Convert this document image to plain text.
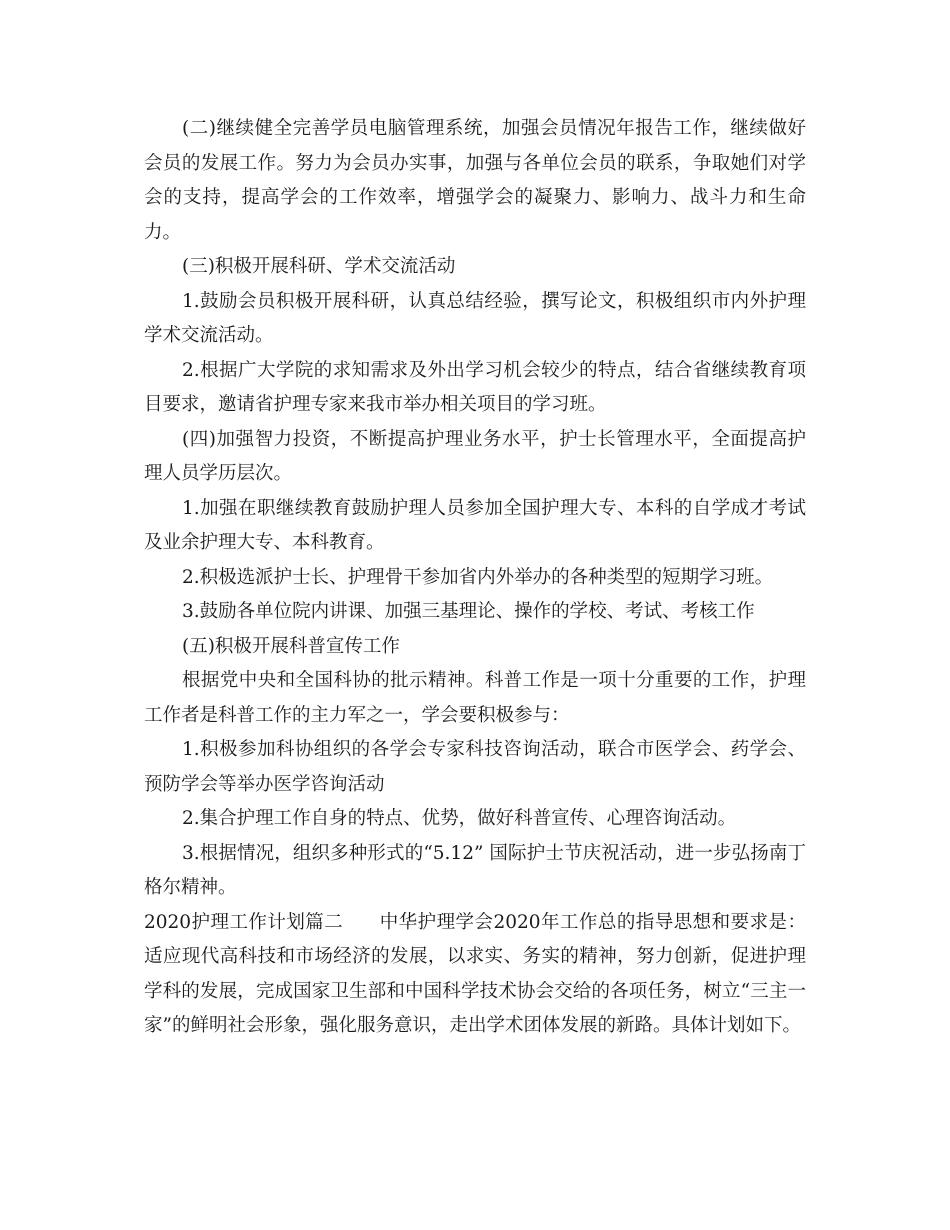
(二)继续健全完善学员电脑管理系统，加强会员情况年报告工作，继续做好会员的发展工作。努力为会员办实事，加强与各单位会员的联系，争取她们对学会的支持，提高学会的工作效率，增强学会的凝聚力、影响力、战斗力和生命力。

(三)积极开展科研、学术交流活动

1.鼓励会员积极开展科研，认真总结经验，撰写论文，积极组织市内外护理学术交流活动。

2.根据广大学院的求知需求及外出学习机会较少的特点，结合省继续教育项目要求，邀请省护理专家来我市举办相关项目的学习班。

(四)加强智力投资，不断提高护理业务水平，护士长管理水平，全面提高护理人员学历层次。

1.加强在职继续教育鼓励护理人员参加全国护理大专、本科的自学成才考试及业余护理大专、本科教育。

2.积极选派护士长、护理骨干参加省内外举办的各种类型的短期学习班。

3.鼓励各单位院内讲课、加强三基理论、操作的学校、考试、考核工作

(五)积极开展科普宣传工作

根据党中央和全国科协的批示精神。科普工作是一项十分重要的工作，护理工作者是科普工作的主力军之一，学会要积极参与：

1.积极参加科协组织的各学会专家科技咨询活动，联合市医学会、药学会、预防学会等举办医学咨询活动

2.集合护理工作自身的特点、优势，做好科普宣传、心理咨询活动。

3.根据情况，组织多种形式的“5.12” 国际护士节庆祝活动，进一步弘扬南丁格尔精神。

2020护理工作计划篇二 中华护理学会2020年工作总的指导思想和要求是：适应现代高科技和市场经济的发展，以求实、务实的精神，努力创新，促进护理学科的发展，完成国家卫生部和中国科学技术协会交给的各项任务，树立“三主一家”的鲜明社会形象，强化服务意识，走出学术团体发展的新路。具体计划如下。
